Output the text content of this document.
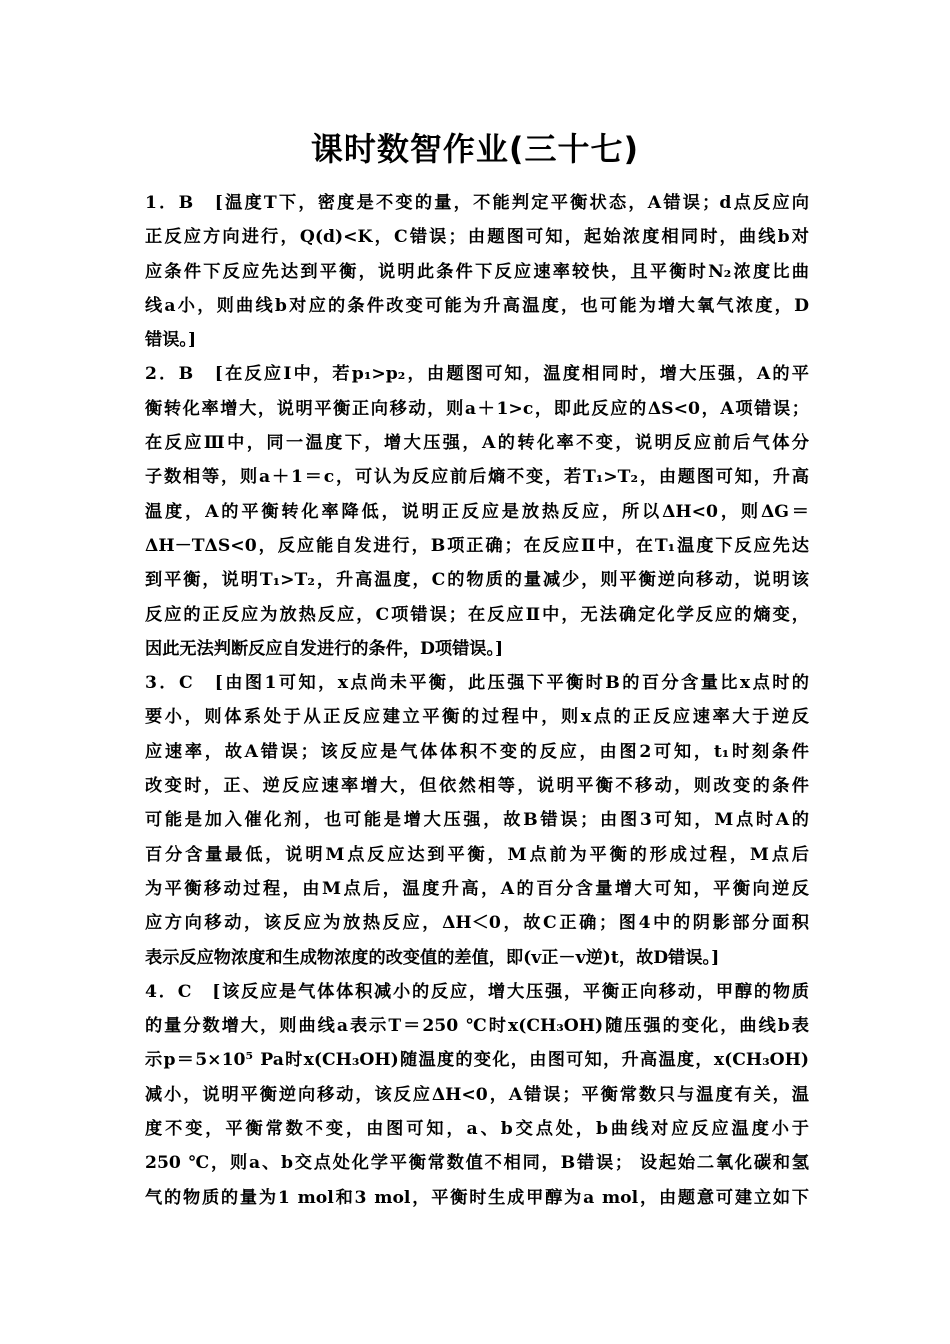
课时数智作业(三十七)
1．B　[温度T下，密度是不变的量，不能判定平衡状态，A错误；d点反应向
正反应方向进行，Q(d)<K，C错误；由题图可知，起始浓度相同时，曲线b对
应条件下反应先达到平衡，说明此条件下反应速率较快，且平衡时N₂浓度比曲
线a小，则曲线b对应的条件改变可能为升高温度，也可能为增大氧气浓度，D
错误。]
2．B　[在反应Ⅰ中，若p₁>p₂，由题图可知，温度相同时，增大压强，A的平
衡转化率增大，说明平衡正向移动，则a＋1>c，即此反应的ΔS<0，A项错误；
在反应Ⅲ中，同一温度下，增大压强，A的转化率不变，说明反应前后气体分
子数相等，则a＋1＝c，可认为反应前后熵不变，若T₁>T₂，由题图可知，升高
温度，A的平衡转化率降低，说明正反应是放热反应，所以ΔH<0，则ΔG＝
ΔH－TΔS<0，反应能自发进行，B项正确；在反应Ⅱ中，在T₁温度下反应先达
到平衡，说明T₁>T₂，升高温度，C的物质的量减少，则平衡逆向移动，说明该
反应的正反应为放热反应，C项错误；在反应Ⅱ中，无法确定化学反应的熵变，
因此无法判断反应自发进行的条件，D项错误。]
3．C　[由图1可知，x点尚未平衡，此压强下平衡时B的百分含量比x点时的
要小，则体系处于从正反应建立平衡的过程中，则x点的正反应速率大于逆反
应速率，故A错误；该反应是气体体积不变的反应，由图2可知，t₁时刻条件
改变时，正、逆反应速率增大，但依然相等，说明平衡不移动，则改变的条件
可能是加入催化剂，也可能是增大压强，故B错误；由图3可知，M点时A的
百分含量最低，说明M点反应达到平衡，M点前为平衡的形成过程，M点后
为平衡移动过程，由M点后，温度升高，A的百分含量增大可知，平衡向逆反
应方向移动，该反应为放热反应，ΔH＜0，故C正确；图4中的阴影部分面积
表示反应物浓度和生成物浓度的改变值的差值，即(v正－v逆)t，故D错误。]
4．C　[该反应是气体体积减小的反应，增大压强，平衡正向移动，甲醇的物质
的量分数增大，则曲线a表示T＝250 ℃时x(CH₃OH)随压强的变化，曲线b表
示p＝5×10⁵ Pa时x(CH₃OH)随温度的变化，由图可知，升高温度，x(CH₃OH)
减小，说明平衡逆向移动，该反应ΔH<0，A错误；平衡常数只与温度有关，温
度不变，平衡常数不变，由图可知，a、b交点处，b曲线对应反应温度小于
250 ℃，则a、b交点处化学平衡常数值不相同，B错误； 设起始二氧化碳和氢
气的物质的量为1 mol和3 mol，平衡时生成甲醇为a mol，由题意可建立如下
